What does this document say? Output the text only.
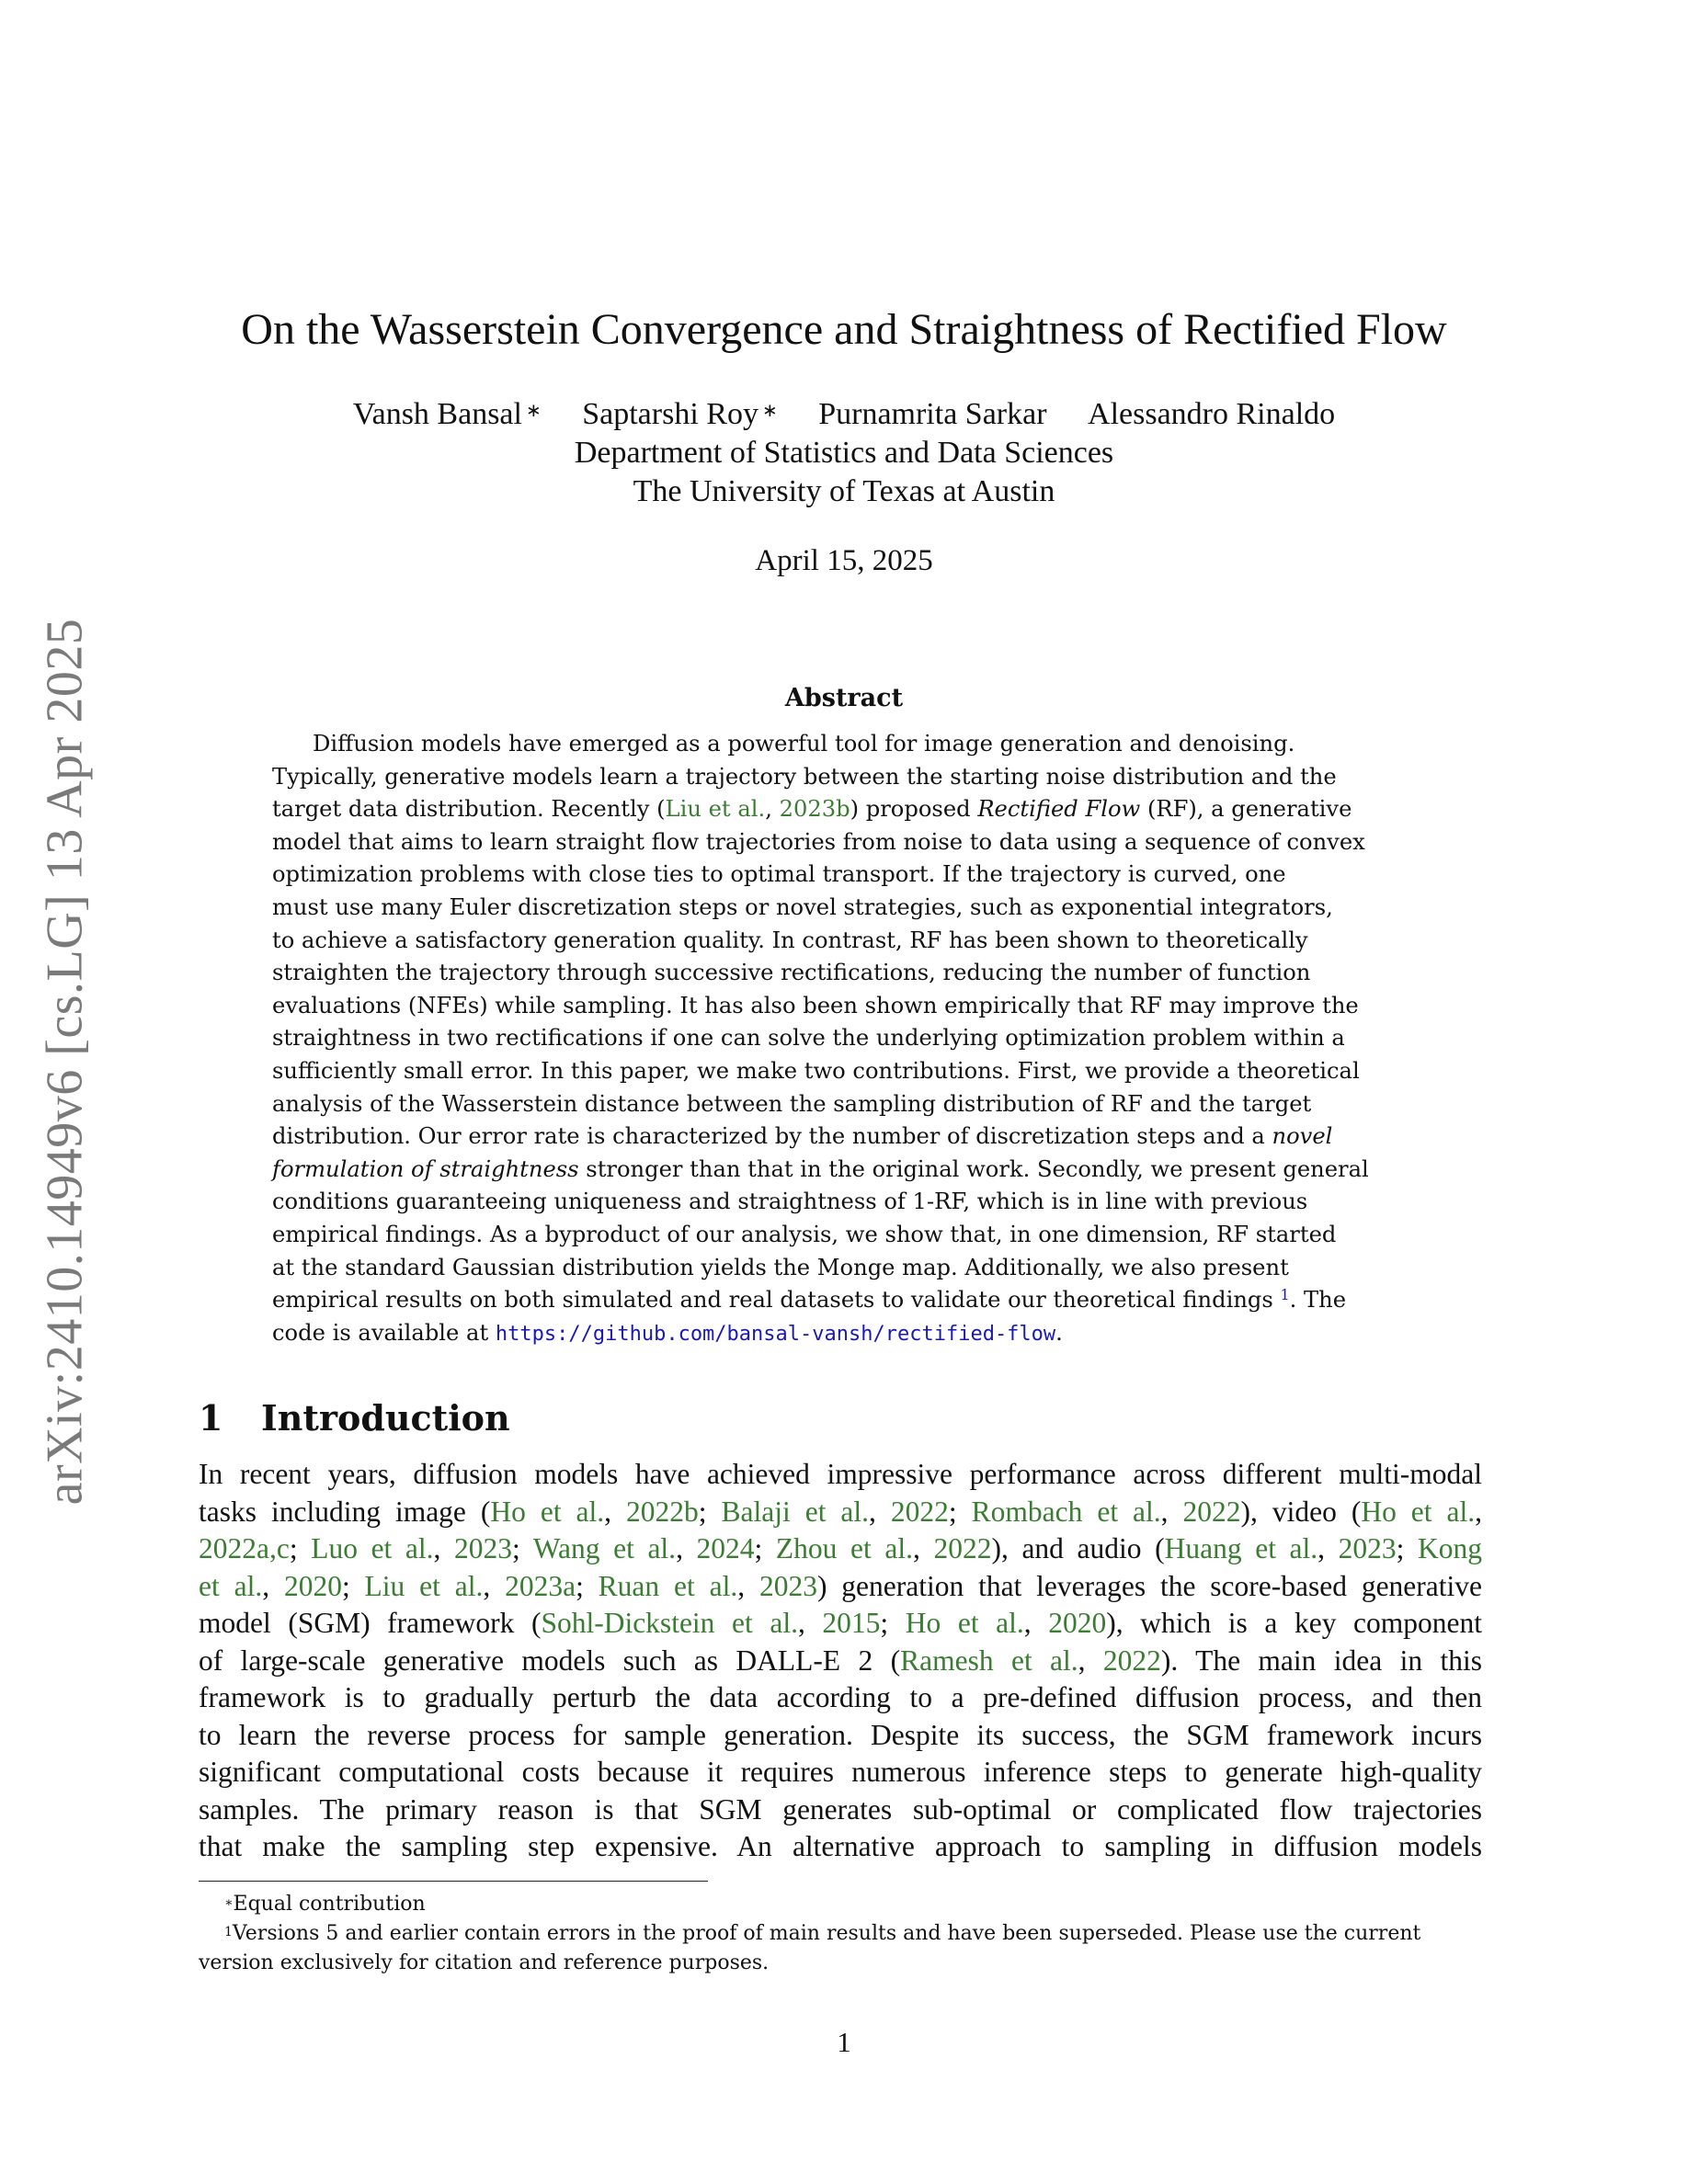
arXiv:2410.14949v6 [cs.LG] 13 Apr 2025
On the Wasserstein Convergence and Straightness of Rectified Flow
Vansh Bansal ∗ Saptarshi Roy ∗ Purnamrita Sarkar Alessandro Rinaldo
Department of Statistics and Data Sciences
The University of Texas at Austin
April 15, 2025
Abstract
Diffusion models have emerged as a powerful tool for image generation and denoising.
Typically, generative models learn a trajectory between the starting noise distribution and the
target data distribution. Recently (Liu et al., 2023b) proposed Rectified Flow (RF), a generative
model that aims to learn straight flow trajectories from noise to data using a sequence of convex
optimization problems with close ties to optimal transport. If the trajectory is curved, one
must use many Euler discretization steps or novel strategies, such as exponential integrators,
to achieve a satisfactory generation quality. In contrast, RF has been shown to theoretically
straighten the trajectory through successive rectifications, reducing the number of function
evaluations (NFEs) while sampling. It has also been shown empirically that RF may improve the
straightness in two rectifications if one can solve the underlying optimization problem within a
sufficiently small error. In this paper, we make two contributions. First, we provide a theoretical
analysis of the Wasserstein distance between the sampling distribution of RF and the target
distribution. Our error rate is characterized by the number of discretization steps and a novel
formulation of straightness stronger than that in the original work. Secondly, we present general
conditions guaranteeing uniqueness and straightness of 1-RF, which is in line with previous
empirical findings. As a byproduct of our analysis, we show that, in one dimension, RF started
at the standard Gaussian distribution yields the Monge map. Additionally, we also present
empirical results on both simulated and real datasets to validate our theoretical findings $^1$. The
code is available at https://github.com/bansal-vansh/rectified-flow.
1 Introduction
In recent years, diffusion models have achieved impressive performance across different multi-modal
tasks including image (Ho et al., 2022b; Balaji et al., 2022; Rombach et al., 2022), video (Ho et al.,
2022a,c; Luo et al., 2023; Wang et al., 2024; Zhou et al., 2022), and audio (Huang et al., 2023; Kong
et al., 2020; Liu et al., 2023a; Ruan et al., 2023) generation that leverages the score-based generative
model (SGM) framework (Sohl-Dickstein et al., 2015; Ho et al., 2020), which is a key component
of large-scale generative models such as DALL-E 2 (Ramesh et al., 2022). The main idea in this
framework is to gradually perturb the data according to a pre-defined diffusion process, and then
to learn the reverse process for sample generation. Despite its success, the SGM framework incurs
significant computational costs because it requires numerous inference steps to generate high-quality
samples. The primary reason is that SGM generates sub-optimal or complicated flow trajectories
that make the sampling step expensive. An alternative approach to sampling in diffusion models
∗Equal contribution
$^1$Versions 5 and earlier contain errors in the proof of main results and have been superseded. Please use the current version exclusively for citation and reference purposes.
1
